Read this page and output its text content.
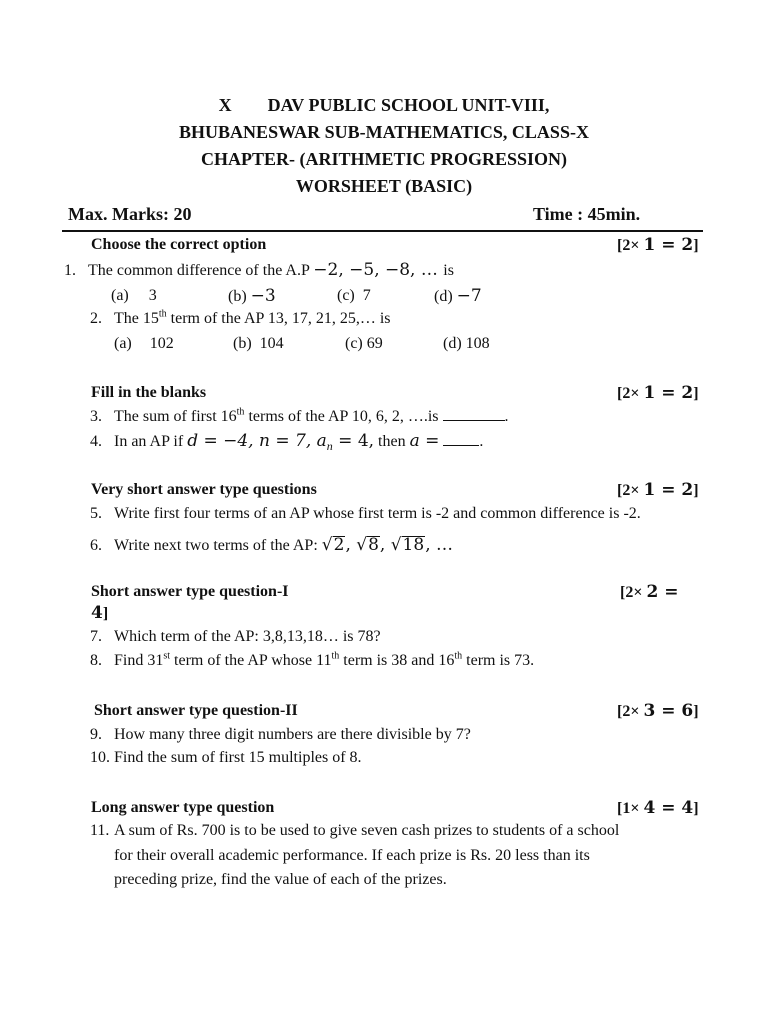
X DAV PUBLIC SCHOOL UNIT-VIII,
BHUBANESWAR SUB-MATHEMATICS, CLASS-X
CHAPTER- (ARITHMETIC PROGRESSION)
WORSHEET (BASIC)
Max. Marks: 20	Time : 45min.
Choose the correct option	[2× 1 = 2]
1. The common difference of the A.P −2, −5, −8, … is
(a) 3	(b) −3	(c) 7	(d) −7
2. The 15th term of the AP 13, 17, 21, 25,… is
(a) 102	(b) 104	(c) 69	(d) 108
Fill in the blanks	[2× 1 = 2]
3. The sum of first 16th terms of the AP 10, 6, 2, ….is	.
4. In an AP if d = −4, n = 7, $a_n = 4$, then a =	.
Very short answer type questions	[2× 1 = 2]
5. Write first four terms of an AP whose first term is -2 and common difference is -2.
6. Write next two terms of the AP: √2, √8, √18, …
Short answer type question-I	[2× 2 =
4]
7. Which term of the AP: 3,8,13,18… is 78?
8. Find 31st term of the AP whose 11th term is 38 and 16th term is 73.
Short answer type question-II	[2× 3 = 6]
9. How many three digit numbers are there divisible by 7?
10. Find the sum of first 15 multiples of 8.
Long answer type question	[1× 4 = 4]
11. A sum of Rs. 700 is to be used to give seven cash prizes to students of a school
for their overall academic performance. If each prize is Rs. 20 less than its
preceding prize, find the value of each of the prizes.
